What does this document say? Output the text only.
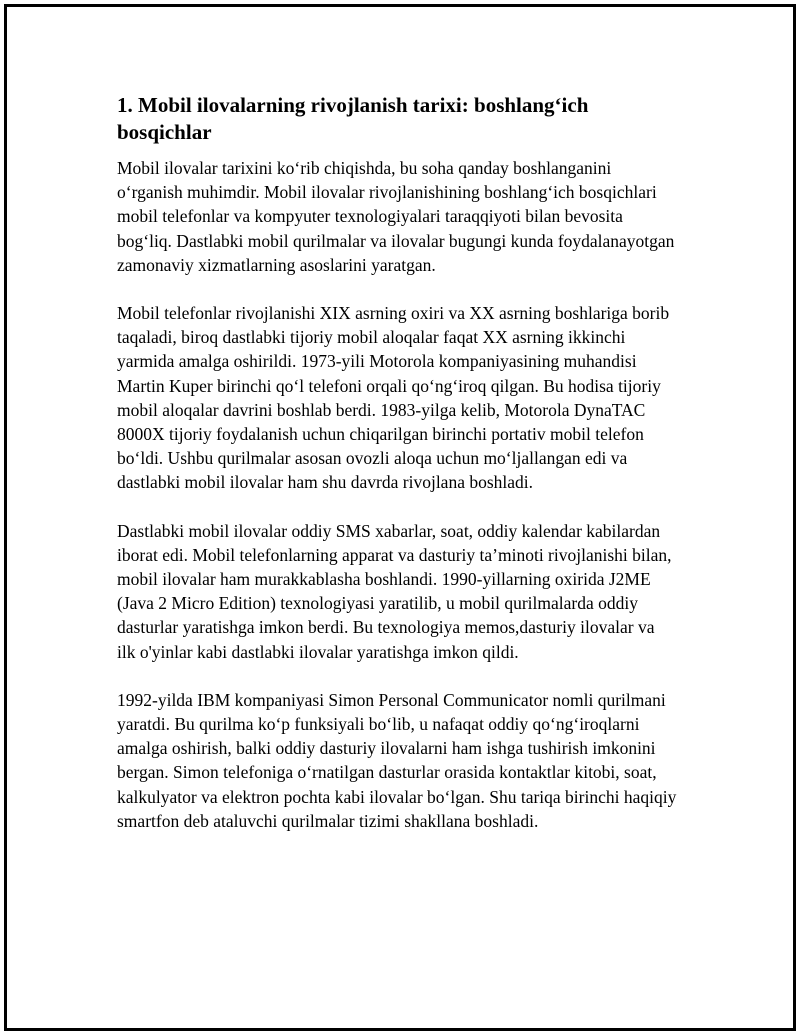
1. Mobil ilovalarning rivojlanish tarixi: boshlang‘ich bosqichlar

Mobil ilovalar tarixini ko‘rib chiqishda, bu soha qanday boshlanganini o‘rganish muhimdir. Mobil ilovalar rivojlanishining boshlang‘ich bosqichlari mobil telefonlar va kompyuter texnologiyalari taraqqiyoti bilan bevosita bog‘liq. Dastlabki mobil qurilmalar va ilovalar bugungi kunda foydalanayotgan zamonaviy xizmatlarning asoslarini yaratgan.

Mobil telefonlar rivojlanishi XIX asrning oxiri va XX asrning boshlariga borib taqaladi, biroq dastlabki tijoriy mobil aloqalar faqat XX asrning ikkinchi yarmida amalga oshirildi. 1973-yili Motorola kompaniyasining muhandisi Martin Kuper birinchi qo‘l telefoni orqali qo‘ng‘iroq qilgan. Bu hodisa tijoriy mobil aloqalar davrini boshlab berdi. 1983-yilga kelib, Motorola DynaTAC 8000X tijoriy foydalanish uchun chiqarilgan birinchi portativ mobil telefon bo‘ldi. Ushbu qurilmalar asosan ovozli aloqa uchun mo‘ljallangan edi va dastlabki mobil ilovalar ham shu davrda rivojlana boshladi.

Dastlabki mobil ilovalar oddiy SMS xabarlar, soat, oddiy kalendar kabilardan iborat edi. Mobil telefonlarning apparat va dasturiy ta’minoti rivojlanishi bilan, mobil ilovalar ham murakkablasha boshlandi. 1990-yillarning oxirida J2ME (Java 2 Micro Edition) texnologiyasi yaratilib, u mobil qurilmalarda oddiy dasturlar yaratishga imkon berdi. Bu texnologiya memos,dasturiy ilovalar va ilk o'yinlar kabi dastlabki ilovalar yaratishga imkon qildi.

1992-yilda IBM kompaniyasi Simon Personal Communicator nomli qurilmani yaratdi. Bu qurilma ko‘p funksiyali bo‘lib, u nafaqat oddiy qo‘ng‘iroqlarni amalga oshirish, balki oddiy dasturiy ilovalarni ham ishga tushirish imkonini bergan. Simon telefoniga o‘rnatilgan dasturlar orasida kontaktlar kitobi, soat, kalkulyator va elektron pochta kabi ilovalar bo‘lgan. Shu tariqa birinchi haqiqiy smartfon deb ataluvchi qurilmalar tizimi shakllana boshladi.
